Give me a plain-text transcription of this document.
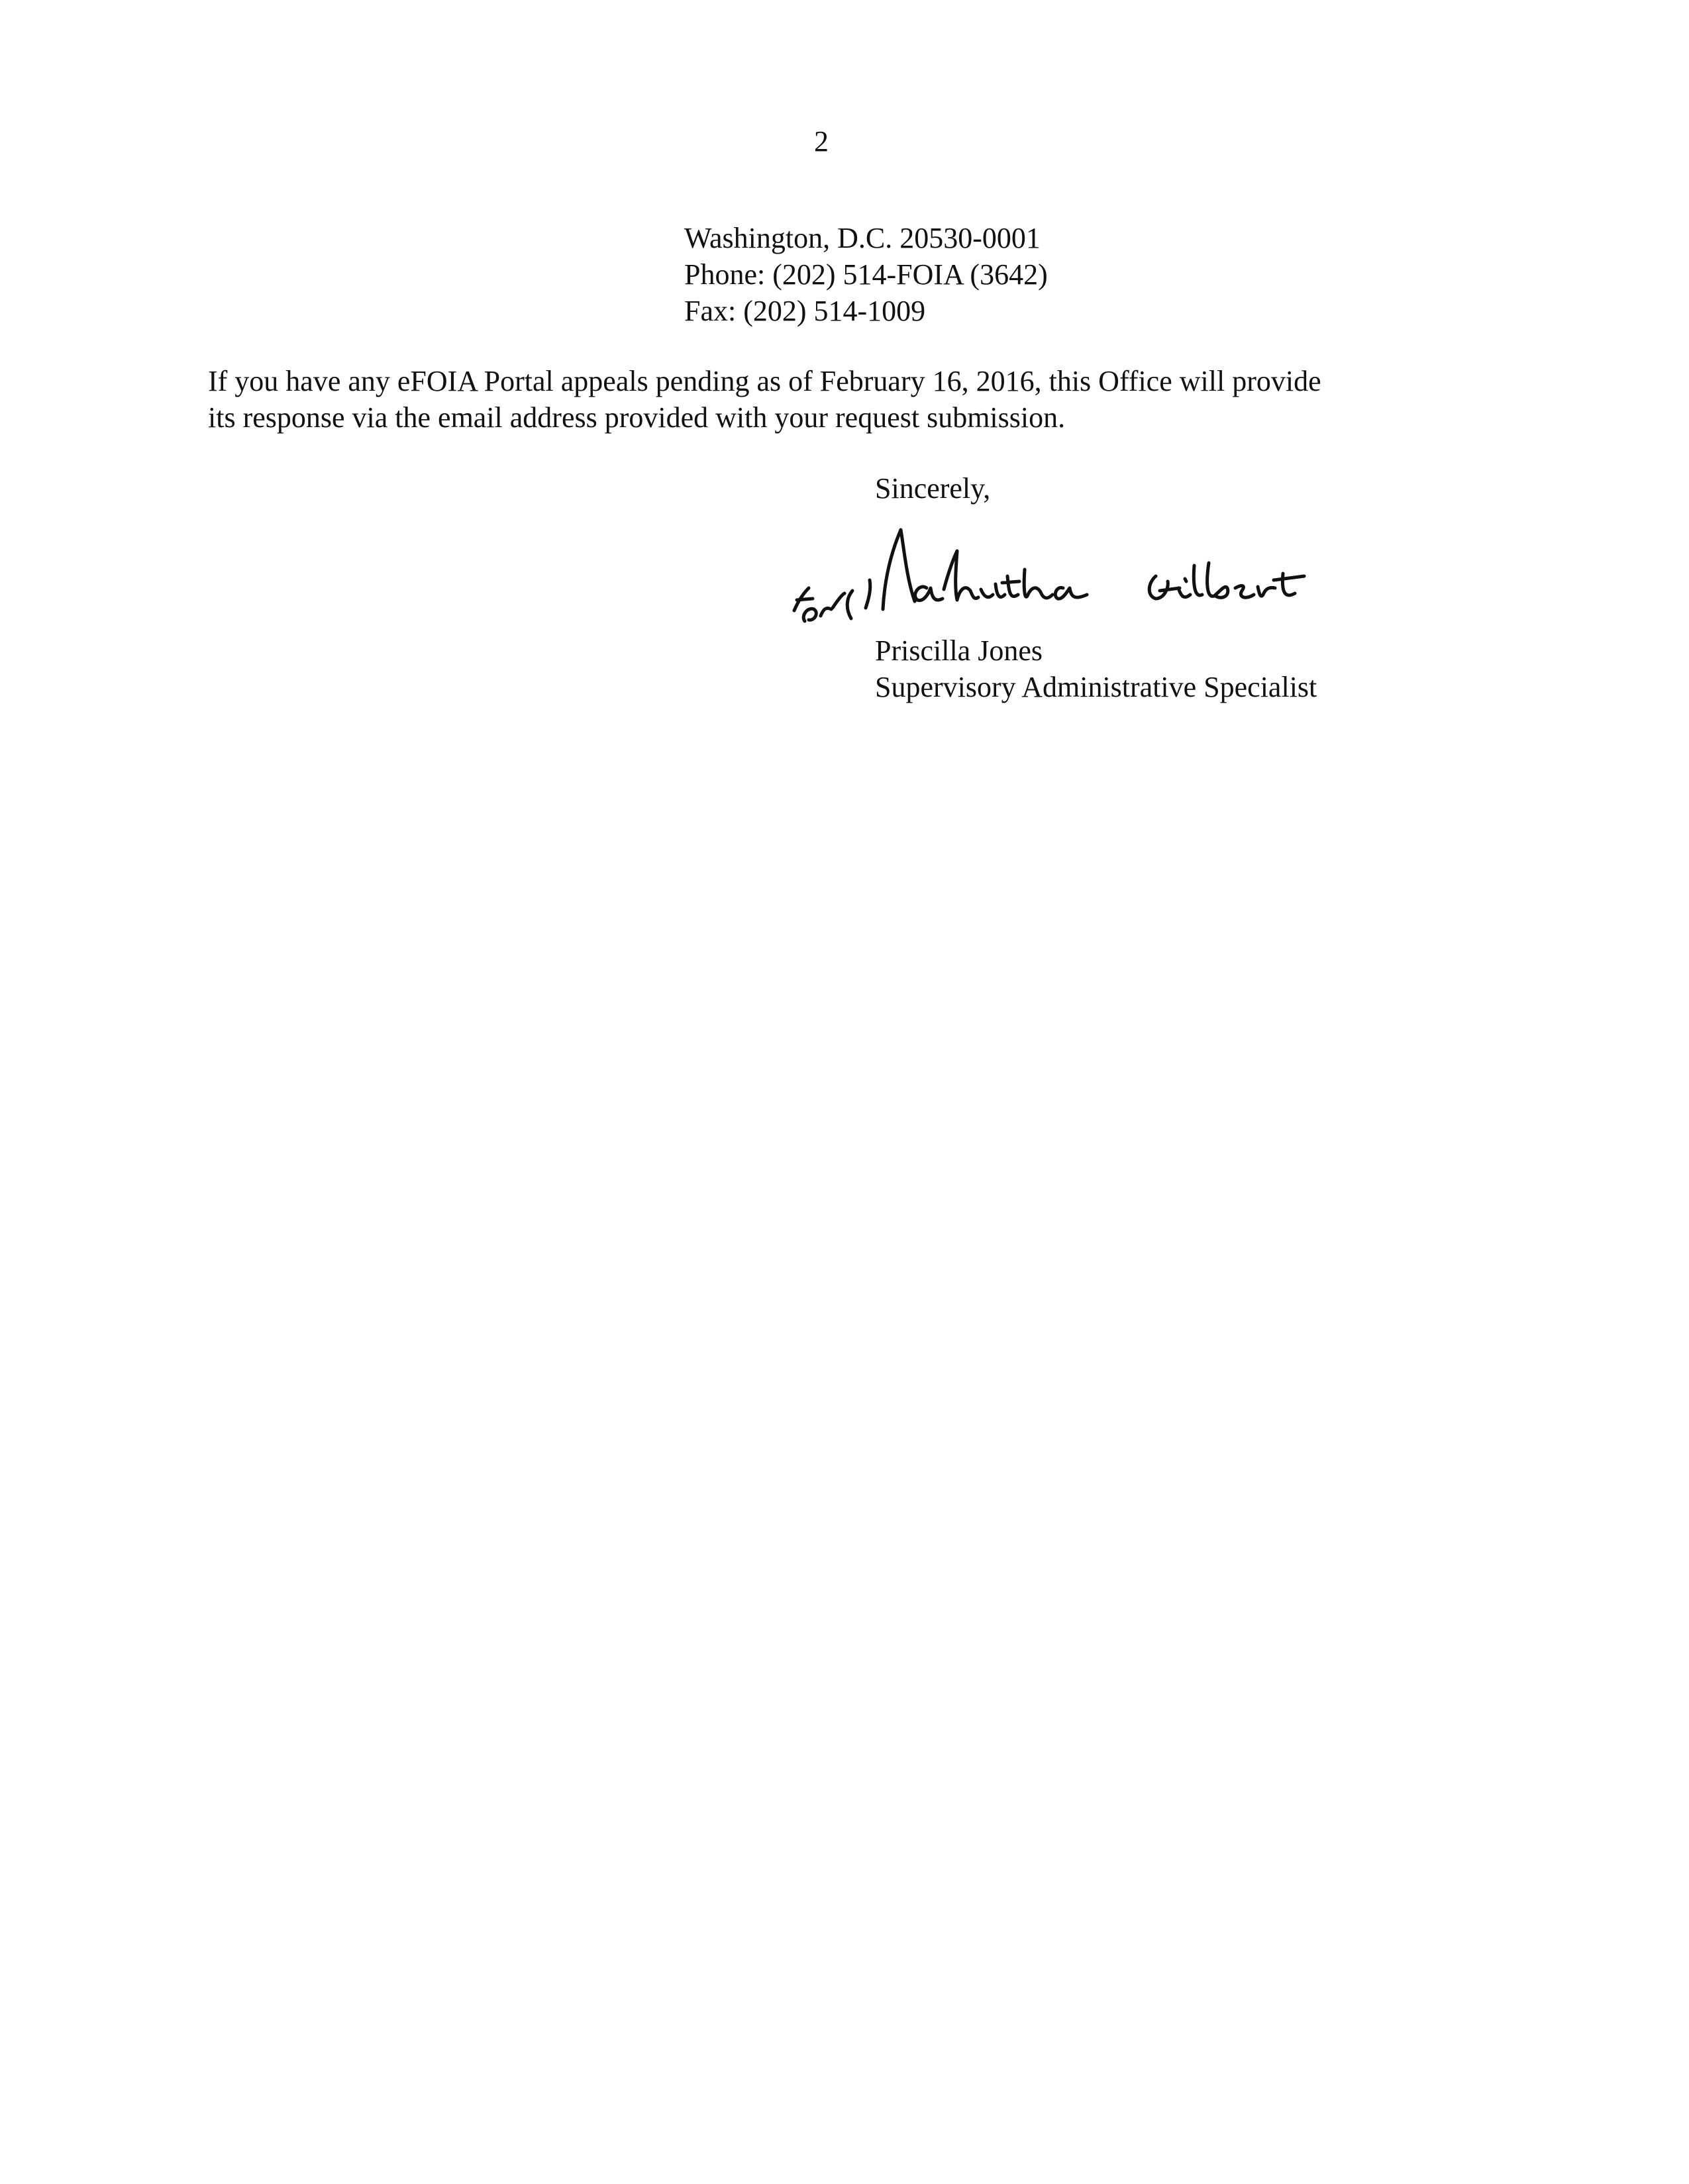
2
Washington, D.C. 20530-0001
Phone: (202) 514-FOIA (3642)
Fax: (202) 514-1009
If you have any eFOIA Portal appeals pending as of February 16, 2016, this Office will provide
its response via the email address provided with your request submission.
Sincerely,
Priscilla Jones
Supervisory Administrative Specialist
